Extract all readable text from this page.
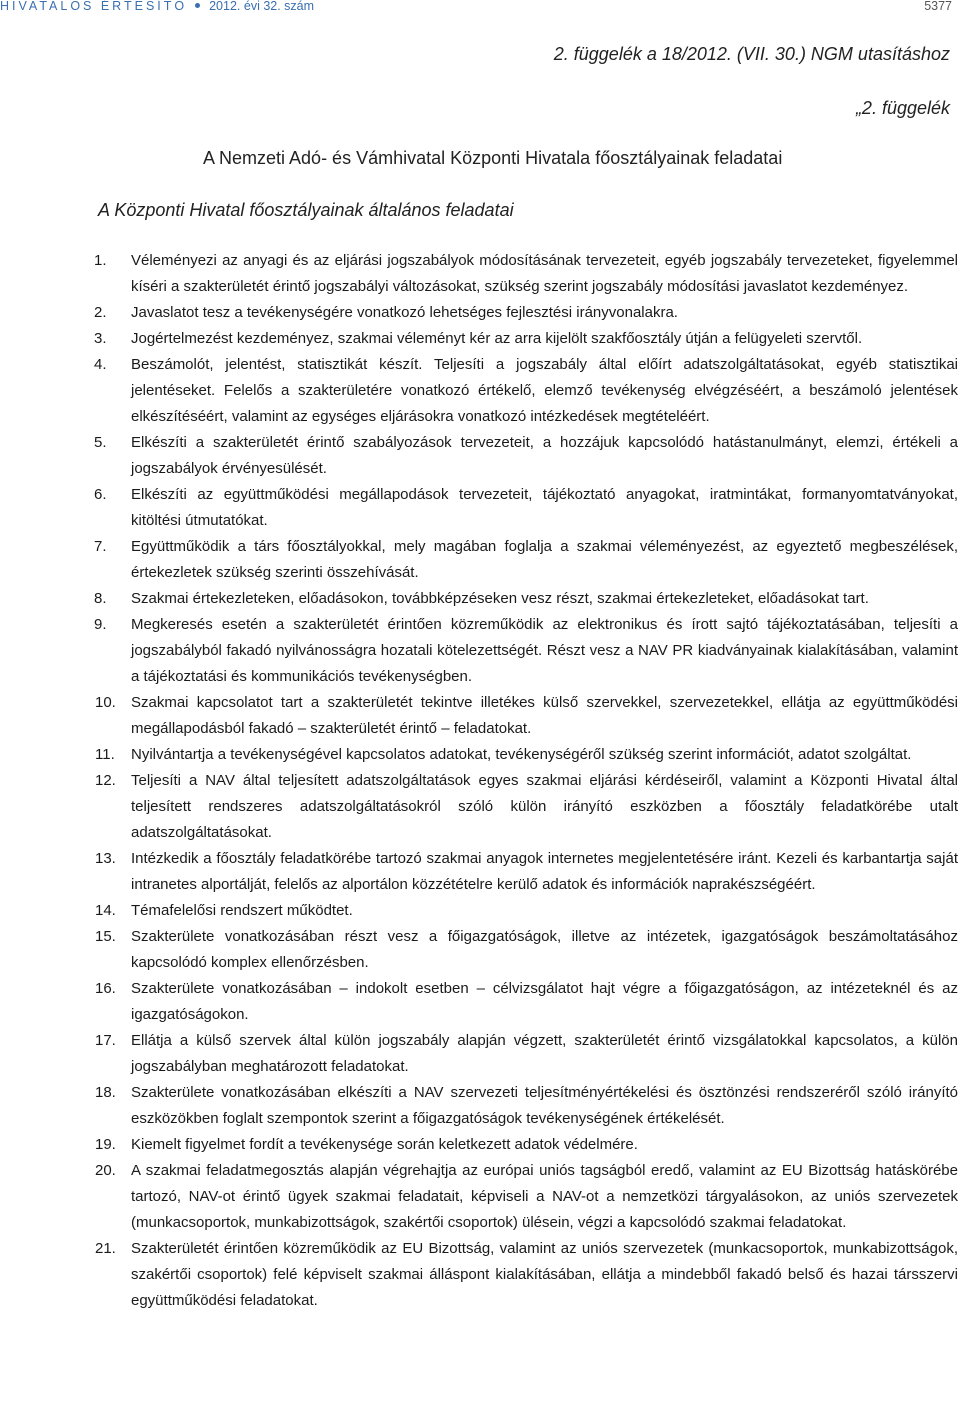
HIVATALOS ÉRTESÍTŐ 2012. évi 32. szám	5377
2. függelék a 18/2012. (VII. 30.) NGM utasításhoz
„2. függelék
A Nemzeti Adó- és Vámhivatal Központi Hivatala főosztályainak feladatai
A Központi Hivatal főosztályainak általános feladatai
1.	Véleményezi az anyagi és az eljárási jogszabályok módosításának tervezeteit, egyéb jogszabály tervezeteket, figyelemmel kíséri a szakterületét érintő jogszabályi változásokat, szükség szerint jogszabály módosítási javaslatot kezdeményez.
2.	Javaslatot tesz a tevékenységére vonatkozó lehetséges fejlesztési irányvonalakra.
3.	Jogértelmezést kezdeményez, szakmai véleményt kér az arra kijelölt szakfőosztály útján a felügyeleti szervtől.
4.	Beszámolót, jelentést, statisztikát készít. Teljesíti a jogszabály által előírt adatszolgáltatásokat, egyéb statisztikai jelentéseket. Felelős a szakterületére vonatkozó értékelő, elemző tevékenység elvégzéséért, a beszámoló jelentések elkészítéséért, valamint az egységes eljárásokra vonatkozó intézkedések megtételéért.
5.	Elkészíti a szakterületét érintő szabályozások tervezeteit, a hozzájuk kapcsolódó hatástanulmányt, elemzi, értékeli a jogszabályok érvényesülését.
6.	Elkészíti az együttműködési megállapodások tervezeteit, tájékoztató anyagokat, iratmintákat, formanyomtatványokat, kitöltési útmutatókat.
7.	Együttműködik a társ főosztályokkal, mely magában foglalja a szakmai véleményezést, az egyeztető megbeszélések, értekezletek szükség szerinti összehívását.
8.	Szakmai értekezleteken, előadásokon, továbbképzéseken vesz részt, szakmai értekezleteket, előadásokat tart.
9.	Megkeresés esetén a szakterületét érintően közreműködik az elektronikus és írott sajtó tájékoztatásában, teljesíti a jogszabályból fakadó nyilvánosságra hozatali kötelezettségét. Részt vesz a NAV PR kiadványainak kialakításában, valamint a tájékoztatási és kommunikációs tevékenységben.
10.	Szakmai kapcsolatot tart a szakterületét tekintve illetékes külső szervekkel, szervezetekkel, ellátja az együttműködési megállapodásból fakadó – szakterületét érintő – feladatokat.
11.	Nyilvántartja a tevékenységével kapcsolatos adatokat, tevékenységéről szükség szerint információt, adatot szolgáltat.
12.	Teljesíti a NAV által teljesített adatszolgáltatások egyes szakmai eljárási kérdéseiről, valamint a Központi Hivatal által teljesített rendszeres adatszolgáltatásokról szóló külön irányító eszközben a főosztály feladatkörébe utalt adatszolgáltatásokat.
13.	Intézkedik a főosztály feladatkörébe tartozó szakmai anyagok internetes megjelentetésére iránt. Kezeli és karbantartja saját intranetes alportálját, felelős az alportálon közzétételre kerülő adatok és információk naprakészségéért.
14.	Témafelelősi rendszert működtet.
15.	Szakterülete vonatkozásában részt vesz a főigazgatóságok, illetve az intézetek, igazgatóságok beszámoltatásához kapcsolódó komplex ellenőrzésben.
16.	Szakterülete vonatkozásában – indokolt esetben – célvizsgálatot hajt végre a főigazgatóságon, az intézeteknél és az igazgatóságokon.
17.	Ellátja a külső szervek által külön jogszabály alapján végzett, szakterületét érintő vizsgálatokkal kapcsolatos, a külön jogszabályban meghatározott feladatokat.
18.	Szakterülete vonatkozásában elkészíti a NAV szervezeti teljesítményértékelési és ösztönzési rendszeréről szóló irányító eszközökben foglalt szempontok szerint a főigazgatóságok tevékenységének értékelését.
19.	Kiemelt figyelmet fordít a tevékenysége során keletkezett adatok védelmére.
20.	A szakmai feladatmegosztás alapján végrehajtja az európai uniós tagságból eredő, valamint az EU Bizottság hatáskörébe tartozó, NAV-ot érintő ügyek szakmai feladatait, képviseli a NAV-ot a nemzetközi tárgyalásokon, az uniós szervezetek (munkacsoportok, munkabizottságok, szakértői csoportok) ülésein, végzi a kapcsolódó szakmai feladatokat.
21.	Szakterületét érintően közreműködik az EU Bizottság, valamint az uniós szervezetek (munkacsoportok, munkabizottságok, szakértői csoportok) felé képviselt szakmai álláspont kialakításában, ellátja a mindebből fakadó belső és hazai társszervi együttműködési feladatokat.
